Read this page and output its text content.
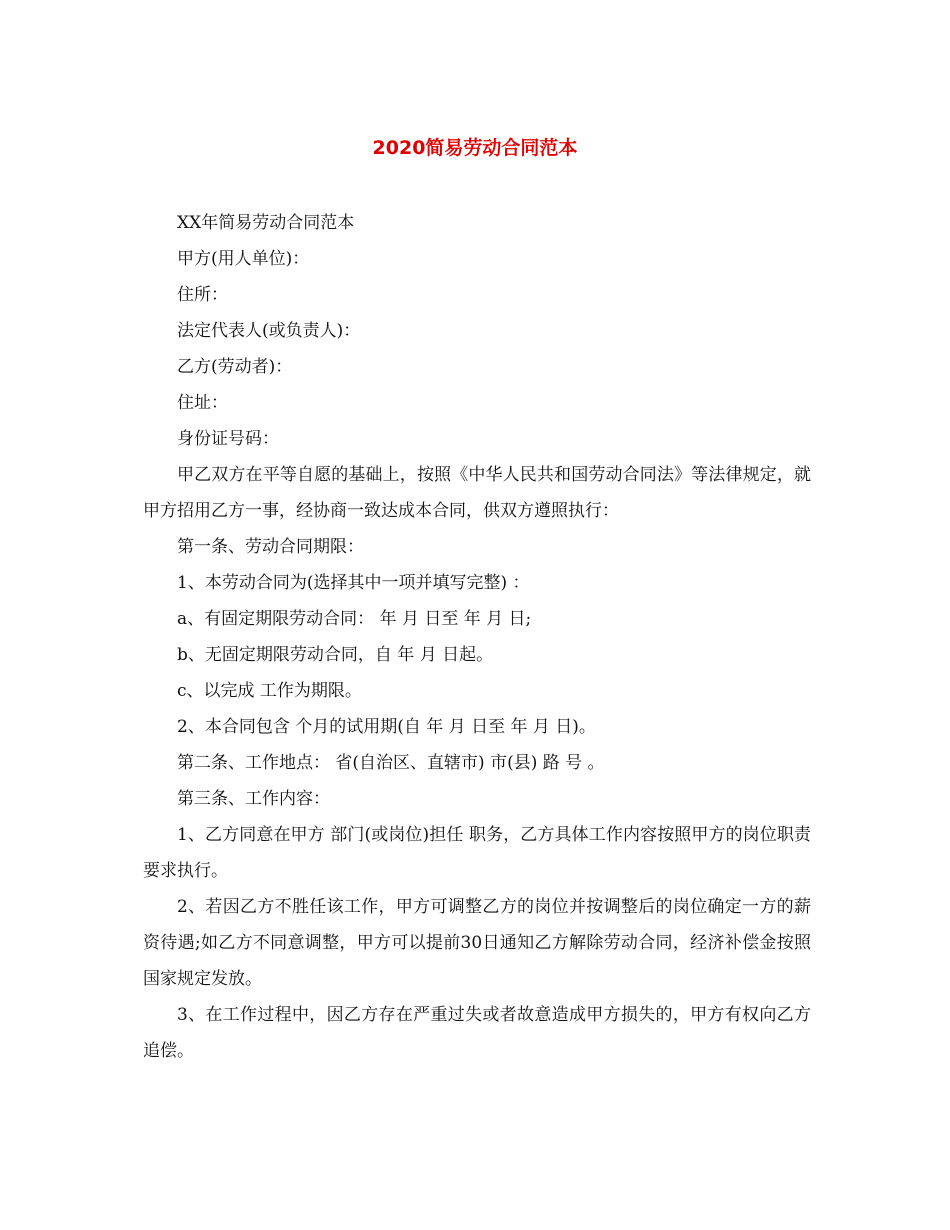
2020简易劳动合同范本

XX年简易劳动合同范本

甲方(用人单位)：

住所：

法定代表人(或负责人)：

乙方(劳动者)：

住址：

身份证号码：

甲乙双方在平等自愿的基础上，按照《中华人民共和国劳动合同法》等法律规定，就甲方招用乙方一事，经协商一致达成本合同，供双方遵照执行：

第一条、劳动合同期限：

1、本劳动合同为(选择其中一项并填写完整) ：

a、有固定期限劳动合同： 年 月 日至 年 月 日;

b、无固定期限劳动合同，自 年 月 日起。

c、以完成 工作为期限。

2、本合同包含 个月的试用期(自 年 月 日至 年 月 日)。

第二条、工作地点： 省(自治区、直辖市) 市(县) 路 号 。

第三条、工作内容：

1、乙方同意在甲方 部门(或岗位)担任 职务，乙方具体工作内容按照甲方的岗位职责要求执行。

2、若因乙方不胜任该工作，甲方可调整乙方的岗位并按调整后的岗位确定一方的薪资待遇;如乙方不同意调整，甲方可以提前30日通知乙方解除劳动合同，经济补偿金按照国家规定发放。

3、在工作过程中，因乙方存在严重过失或者故意造成甲方损失的，甲方有权向乙方追偿。
